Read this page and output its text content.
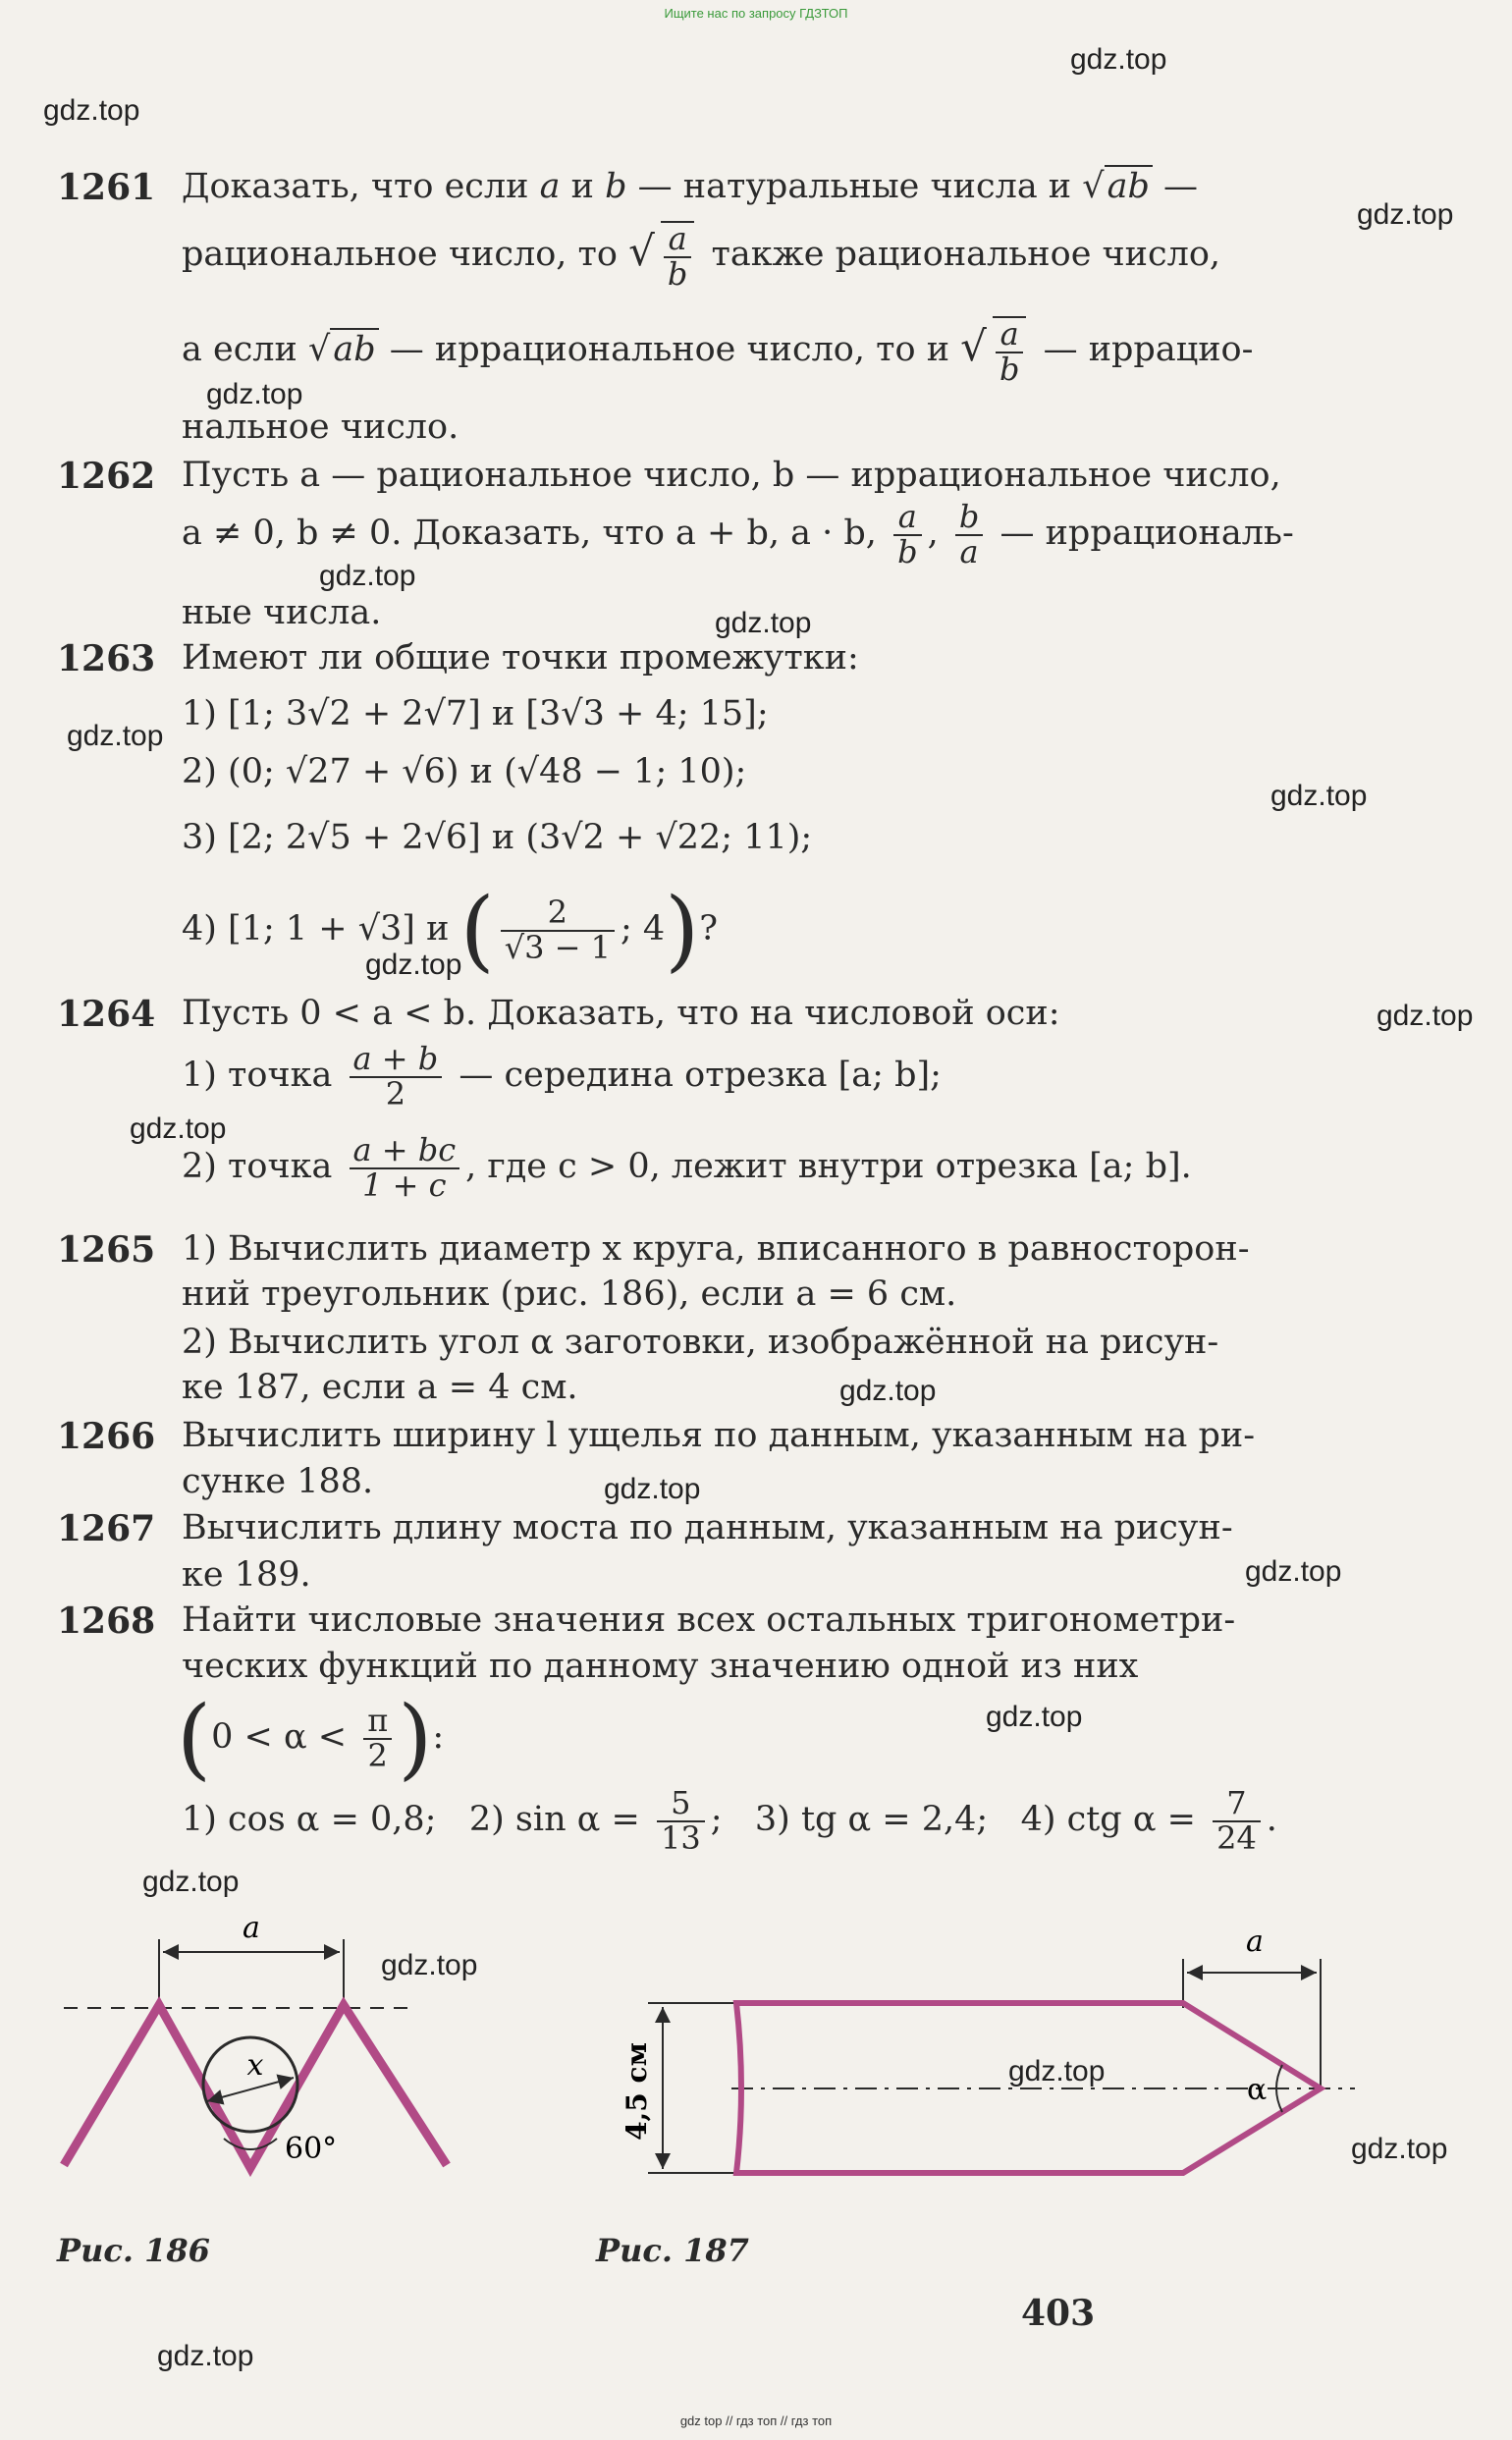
Ищите нас по запросу ГДЗТОП
gdz.top
gdz.top
gdz.top
gdz.top
gdz.top
gdz.top
gdz.top
gdz.top
gdz.top
gdz.top
gdz.top
gdz.top
gdz.top
gdz.top
gdz.top
gdz.top
gdz.top
gdz.top
gdz.top
gdz.top
1261 Доказать, что если a и b — натуральные числа и √ab —
рациональное число, то √ $\frac{a}{b}$ также рациональное число,
а если √ab — иррациональное число, то и √ $\frac{a}{b}$ — иррацио-
нальное число.
1262 Пусть a — рациональное число, b — иррациональное число,
a ≠ 0, b ≠ 0. Доказать, что a + b, a · b, $\frac{a}{b}$ , $\frac{b}{a}$ — иррациональ-
ные числа.
1263 Имеют ли общие точки промежутки:
1) [1; 3√2 + 2√7] и [3√3 + 4; 15];
2) (0; √27 + √6) и (√48 − 1; 10);
3) [2; 2√5 + 2√6] и (3√2 + √22; 11);
4) [1; 1 + √3] и ( $\frac{2}{√3 - 1}$ ; 4)?
1264 Пусть 0 < a < b. Доказать, что на числовой оси:
1) точка $\frac{a + b}{2}$ — середина отрезка [a; b];
2) точка $\frac{a + bc}{1 + c}$ , где c > 0, лежит внутри отрезка [a; b].
1265 1) Вычислить диаметр x круга, вписанного в равносторон-
ний треугольник (рис. 186), если a = 6 см.
2) Вычислить угол α заготовки, изображённой на рисун-
ке 187, если a = 4 см.
1266 Вычислить ширину l ущелья по данным, указанным на ри-
сунке 188.
1267 Вычислить длину моста по данным, указанным на рисун-
ке 189.
1268 Найти числовые значения всех остальных тригонометри-
ческих функций по данному значению одной из них
($0 < \alpha < \frac{\pi}{2}$ ):
1) cos α = 0,8; 2) $\sin \alpha = \frac{5}{13}$ ; 3) tg α = 2,4; 4) ctg $\alpha = \frac{7}{24}$ .
a
x
60°
Рис. 186
4,5 см
a
α
Рис. 187
403
gdz top // гдз топ // гдз топ
